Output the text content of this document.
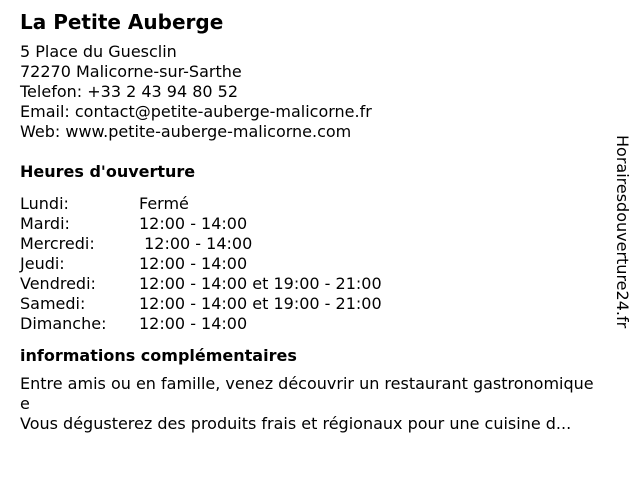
La Petite Auberge
5 Place du Guesclin
72270 Malicorne-sur-Sarthe
Telefon: +33 2 43 94 80 52
Email: contact@petite-auberge-malicorne.fr
Web: www.petite-auberge-malicorne.com
Heures d'ouverture
Lundi:	Fermé
Mardi:	12:00 - 14:00
Mercredi:	12:00 - 14:00
Jeudi:	12:00 - 14:00
Vendredi:	12:00 - 14:00 et 19:00 - 21:00
Samedi:	12:00 - 14:00 et 19:00 - 21:00
Dimanche:	12:00 - 14:00
informations complémentaires
Entre amis ou en famille, venez découvrir un restaurant gastronomique
e
Vous dégusterez des produits frais et régionaux pour une cuisine d...
Horairesdouverture24.fr
